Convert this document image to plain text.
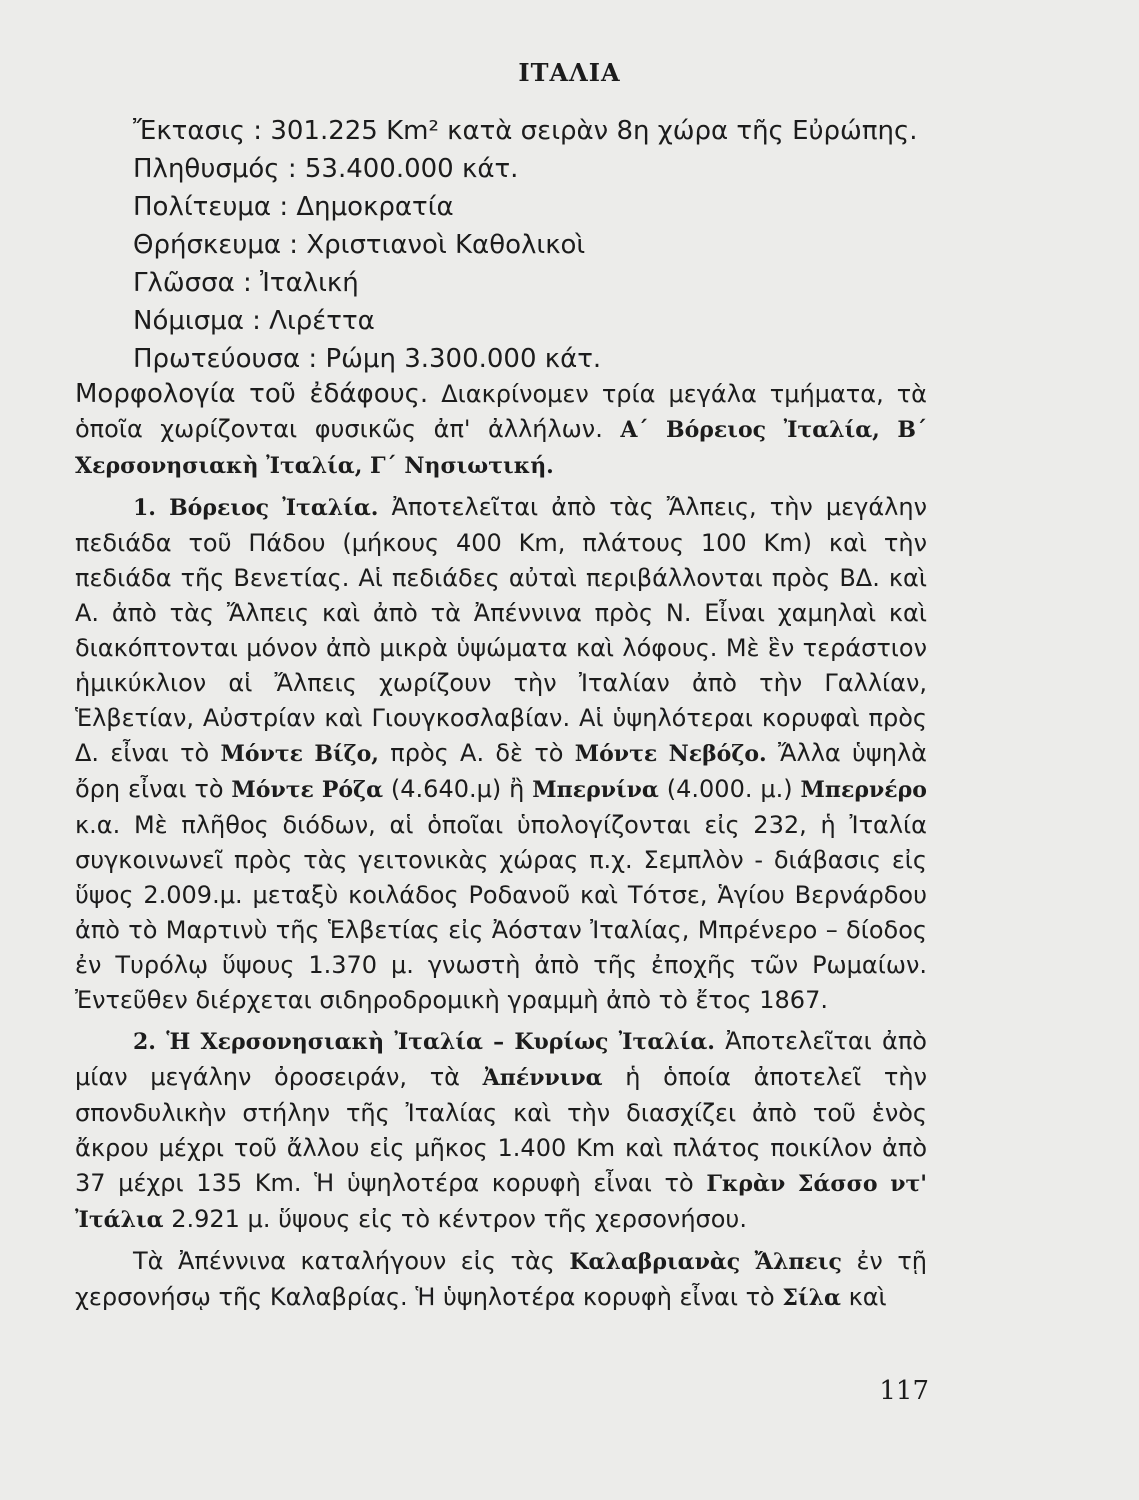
ΙΤΑΛΙΑ
Ἔκτασις : 301.225 Km² κατὰ σειρὰν 8η χώρα τῆς Εὐρώπης.
Πληθυσμός : 53.400.000 κάτ.
Πολίτευμα : Δημοκρατία
Θρήσκευμα : Χριστιανοὶ Καθολικοὶ
Γλῶσσα : Ἰταλική
Νόμισμα : Λιρέττα
Πρωτεύουσα : Ρώμη 3.300.000 κάτ.

Μορφολογία τοῦ ἐδάφους. Διακρίνομεν τρία μεγάλα τμήματα, τὰ ὁποῖα χωρίζονται φυσικῶς ἀπ' ἀλλήλων. Α΄ Βόρειος Ἰταλία, Β΄ Χερσονησιακὴ Ἰταλία, Γ΄ Νησιωτική.

1. Βόρειος Ἰταλία. Ἀποτελεῖται ἀπὸ τὰς Ἄλπεις, τὴν μεγάλην πεδιάδα τοῦ Πάδου (μήκους 400 Km, πλάτους 100 Km) καὶ τὴν πεδιάδα τῆς Βενετίας. Αἱ πεδιάδες αὐταὶ περιβάλλονται πρὸς ΒΔ. καὶ Α. ἀπὸ τὰς Ἄλπεις καὶ ἀπὸ τὰ Ἀπέννινα πρὸς Ν. Εἶναι χαμηλαὶ καὶ διακόπτονται μόνον ἀπὸ μικρὰ ὑψώματα καὶ λόφους. Μὲ ἓν τεράστιον ἡμικύκλιον αἱ Ἄλπεις χωρίζουν τὴν Ἰταλίαν ἀπὸ τὴν Γαλλίαν, Ἑλβετίαν, Αὐστρίαν καὶ Γιουγκοσλαβίαν. Αἱ ὑψηλότεραι κορυφαὶ πρὸς Δ. εἶναι τὸ Μόντε Βίζο, πρὸς Α. δὲ τὸ Μόντε Νεβόζο. Ἄλλα ὑψηλὰ ὄρη εἶναι τὸ Μόντε Ρόζα (4.640.μ) ἢ Μπερνίνα (4.000. μ.) Μπερνέρο κ.α. Μὲ πλῆθος διόδων, αἱ ὁποῖαι ὑπολογίζονται εἰς 232, ἡ Ἰταλία συγκοινωνεῖ πρὸς τὰς γειτονικὰς χώρας π.χ. Σεμπλὸν - διάβασις εἰς ὕψος 2.009.μ. μεταξὺ κοιλάδος Ροδανοῦ καὶ Τότσε, Ἁγίου Βερνάρδου ἀπὸ τὸ Μαρτινὺ τῆς Ἑλβετίας εἰς Ἀόσταν Ἰταλίας, Μπρένερο – δίοδος ἐν Τυρόλῳ ὕψους 1.370 μ. γνωστὴ ἀπὸ τῆς ἐποχῆς τῶν Ρωμαίων. Ἐντεῦθεν διέρχεται σιδηροδρομικὴ γραμμὴ ἀπὸ τὸ ἔτος 1867.

2. Ἡ Χερσονησιακὴ Ἰταλία – Κυρίως Ἰταλία. Ἀποτελεῖται ἀπὸ μίαν μεγάλην ὀροσειράν, τὰ Ἀπέννινα ἡ ὁποία ἀποτελεῖ τὴν σπονδυλικὴν στήλην τῆς Ἰταλίας καὶ τὴν διασχίζει ἀπὸ τοῦ ἑνὸς ἄκρου μέχρι τοῦ ἄλλου εἰς μῆκος 1.400 Km καὶ πλάτος ποικίλον ἀπὸ 37 μέχρι 135 Km. Ἡ ὑψηλοτέρα κορυφὴ εἶναι τὸ Γκρὰν Σάσσο ντ' Ἰτάλια 2.921 μ. ὕψους εἰς τὸ κέντρον τῆς χερσονήσου.

Τὰ Ἀπέννινα καταλήγουν εἰς τὰς Καλαβριανὰς Ἄλπεις ἐν τῇ χερσονήσῳ τῆς Καλαβρίας. Ἡ ὑψηλοτέρα κορυφὴ εἶναι τὸ Σίλα καὶ

117
